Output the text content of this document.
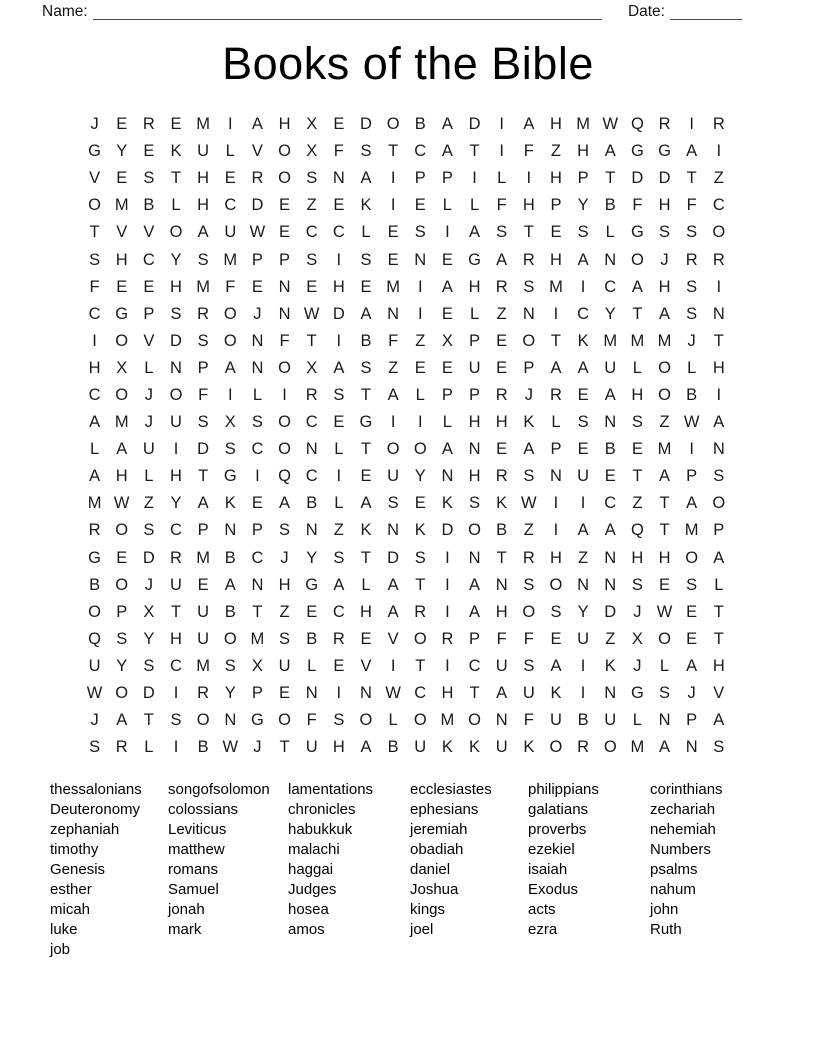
Name:	Date:
Books of the Bible
J	E R E M	I	A H X E D O B A D	I	A H M W Q R	I	R
G Y E K U	L	V O X	F	S	T C A	T	I	F	Z H A G G A	I
V E S	T H E R O S N A	I	P P	I	L	I	H P	T D D T	Z
O M B	L	H C D E	Z	E K	I	E	L	L	F H P Y B	F H F C
T	V V O A U W E C C	L	E S	I	A S	T	E S	L G S S O
S H C Y S M P P S	I	S E N E G A R H A N O	J	R R
F	E E H M F	E N E H E M	I	A H R S M	I	C A H S	I
C G P S R O	J	N W D A N	I	E	L	Z N	I	C Y	T	A S N
I	O V D S O N F	T	I	B	F	Z	X P E O T	K M M M J	T
H X	L	N P A N O X A S	Z	E E U E P A A U	L O L	H
C O	J	O F	I	L	I	R S	T	A	L	P P R	J	R E A H O B	I
A M J	U S X S O C E G	I	I	L	H H K	L	S N S	Z W A
L	A U	I	D S C O N	L	T O O A N E A P E B E M	I	N
A H	L	H T G	I	Q C	I	E U Y N H R S N U E	T	A P S
M W Z	Y A K E A B	L	A S E K S K W	I	I	C Z	T	A O
R O S C P N P S N Z	K N K D O B	Z	I	A A Q T M P
G E D R M B C	J	Y S	T D S	I	N T R H Z N H H O A
B O	J	U E A N H G A	L	A	T	I	A N S O N N S E S	L
O P X	T U B	T	Z	E C H A R	I	A H O S Y D	J W E	T
Q S Y H U O M S B R E V O R P	F	F	E U Z	X O E	T
U Y S C M S X U	L	E V	I	T	I	C U S A	I	K	J	L	A H
W O D	I	R Y P E N	I	N W C H T	A U K	I	N G S	J	V
J	A	T	S O N G O F	S O L O M O N F U B U	L	N P A
S R	L	I	B W J	T U H A B U K K U K O R O M A N S
thessalonians
Deuteronomy
zephaniah
timothy
Genesis
esther
micah
luke
job
songofsolomon
colossians
Leviticus
matthew
romans
Samuel
jonah
mark
lamentations
chronicles
habukkuk
malachi
haggai
Judges
hosea
amos
ecclesiastes
ephesians
jeremiah
obadiah
daniel
Joshua
kings
joel
philippians
galatians
proverbs
ezekiel
isaiah
Exodus
acts
ezra
corinthians
zechariah
nehemiah
Numbers
psalms
nahum
john
Ruth
